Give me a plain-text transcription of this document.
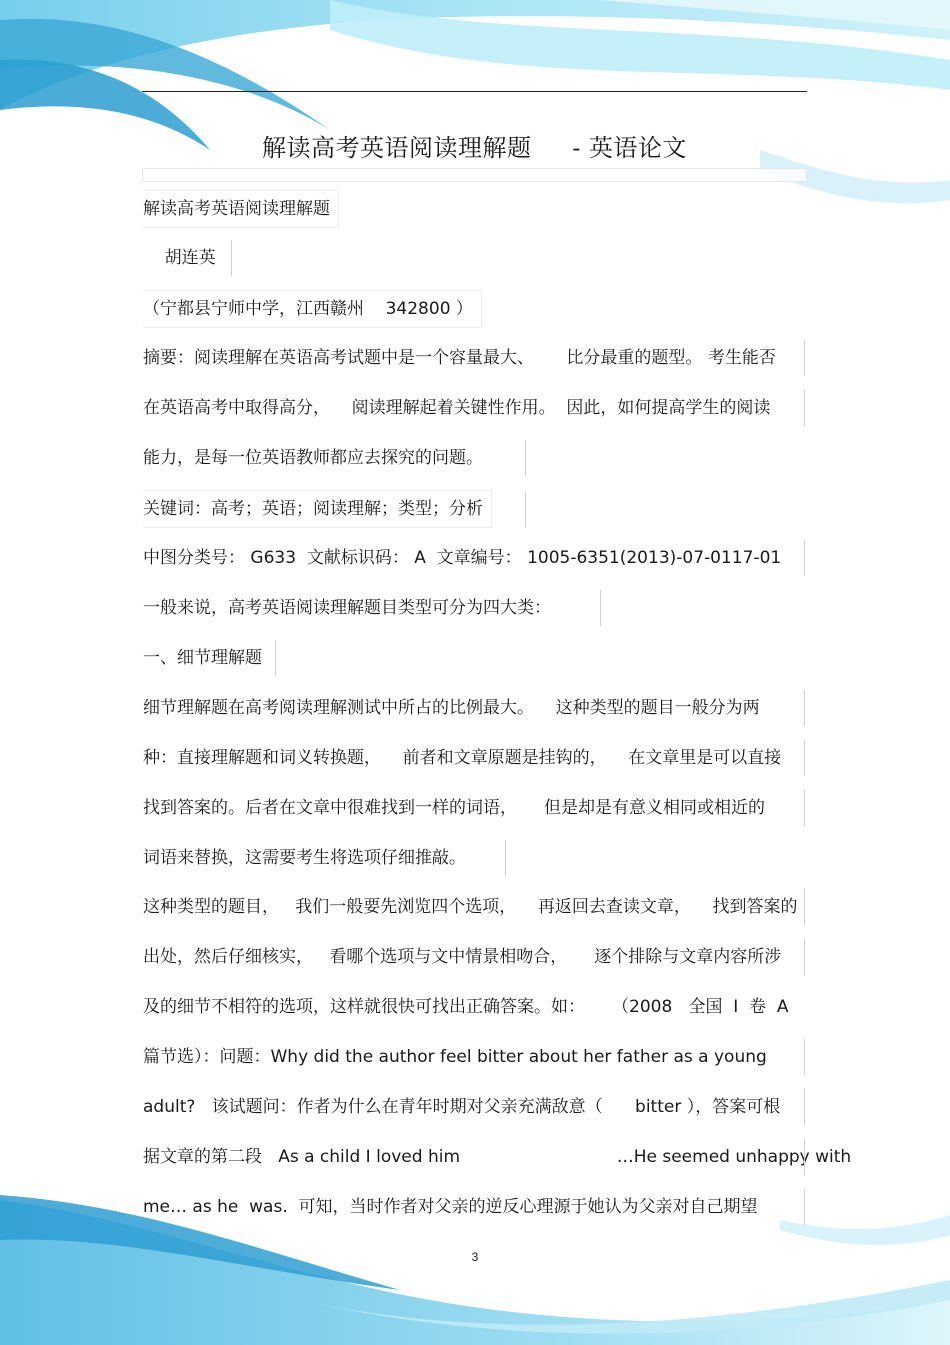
解读高考英语阅读理解题     - 英语论文
解读高考英语阅读理解题
胡连英
（宁都县宁师中学，江西赣州    342800 ）
摘要：阅读理解在英语高考试题中是一个容量最大、      比分最重的题型。 考生能否
在英语高考中取得高分，    阅读理解起着关键性作用。  因此，如何提高学生的阅读
能力，是每一位英语教师都应去探究的问题。
关键词：高考；英语；阅读理解；类型；分析
中图分类号： G633  文献标识码： A  文章编号： 1005-6351(2013)-07-0117-01
一般来说，高考英语阅读理解题目类型可分为四大类：
一、细节理解题
细节理解题在高考阅读理解测试中所占的比例最大。    这种类型的题目一般分为两
种：直接理解题和词义转换题，    前者和文章原题是挂钩的，    在文章里是可以直接
找到答案的。后者在文章中很难找到一样的词语，     但是却是有意义相同或相近的
词语来替换，这需要考生将选项仔细推敲。
这种类型的题目，   我们一般要先浏览四个选项，    再返回去查读文章，    找到答案的
出处，然后仔细核实，   看哪个选项与文中情景相吻合，     逐个排除与文章内容所涉
及的细节不相符的选项，这样就很快可找出正确答案。如：     （2008   全国  I  卷  A
篇节选）：问题：Why did the author feel bitter about her father as a young
adult?   该试题问：作者为什么在青年时期对父亲充满敌意（      bitter ），答案可根
据文章的第二段   As a child I loved him                             …He seemed unhappy with
me… as he  was.  可知，当时作者对父亲的逆反心理源于她认为父亲对自己期望
3
